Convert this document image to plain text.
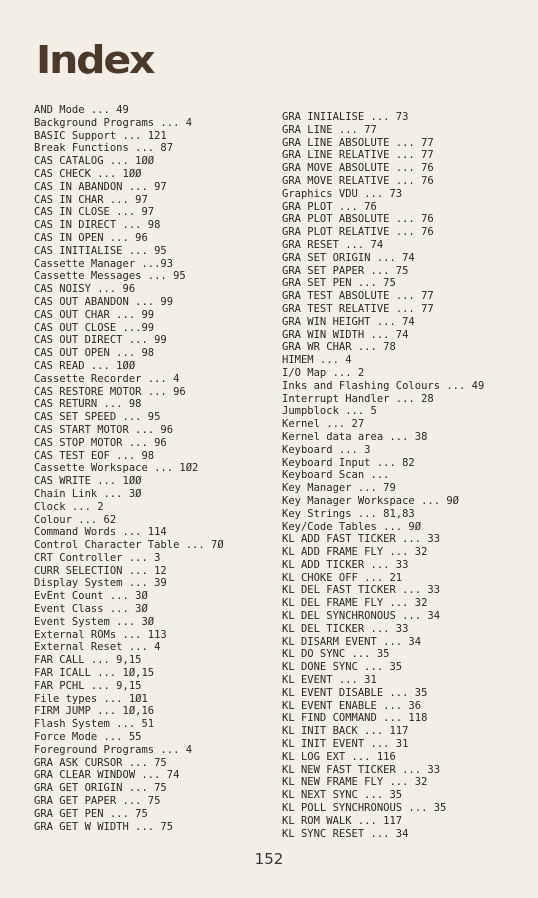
Index
AND Mode ... 49
Background Programs ... 4
BASIC Support ... 121
Break Functions ... 87
CAS CATALOG ... 1ØØ
CAS CHECK ... 1ØØ
CAS IN ABANDON ... 97
CAS IN CHAR ... 97
CAS IN CLOSE ... 97
CAS IN DIRECT ... 98
CAS IN OPEN ... 96
CAS INITIALISE ... 95
Cassette Manager ...93
Cassette Messages ... 95
CAS NOISY ... 96
CAS OUT ABANDON ... 99
CAS OUT CHAR ... 99
CAS OUT CLOSE ...99
CAS OUT DIRECT ... 99
CAS OUT OPEN ... 98
CAS READ ... 1ØØ
Cassette Recorder ... 4
CAS RESTORE MOTOR ... 96
CAS RETURN ... 98
CAS SET SPEED ... 95
CAS START MOTOR ... 96
CAS STOP MOTOR ... 96
CAS TEST EOF ... 98
Cassette Workspace ... 1Ø2
CAS WRITE ... 1ØØ
Chain Link ... 3Ø
Clock ... 2
Colour ... 62
Command Words ... 114
Control Character Table ... 7Ø
CRT Controller ... 3
CURR SELECTION ... 12
Display System ... 39
EvEnt Count ... 3Ø
Event Class ... 3Ø
Event System ... 3Ø
External ROMs ... 113
External Reset ... 4
FAR CALL ... 9,15
FAR ICALL ... 1Ø,15
FAR PCHL ... 9,15
File types ... 1Ø1
FIRM JUMP ... 1Ø,16
Flash System ... 51
Force Mode ... 55
Foreground Programs ... 4
GRA ASK CURSOR ... 75
GRA CLEAR WINDOW ... 74
GRA GET ORIGIN ... 75
GRA GET PAPER ... 75
GRA GET PEN ... 75
GRA GET W WIDTH ... 75
GRA INIIALISE ... 73
GRA LINE ... 77
GRA LINE ABSOLUTE ... 77
GRA LINE RELATIVE ... 77
GRA MOVE ABSOLUTE ... 76
GRA MOVE RELATIVE ... 76
Graphics VDU ... 73
GRA PLOT ... 76
GRA PLOT ABSOLUTE ... 76
GRA PLOT RELATIVE ... 76
GRA RESET ... 74
GRA SET ORIGIN ... 74
GRA SET PAPER ... 75
GRA SET PEN ... 75
GRA TEST ABSOLUTE ... 77
GRA TEST RELATIVE ... 77
GRA WIN HEIGHT ... 74
GRA WIN WIDTH ... 74
GRA WR CHAR ... 78
HIMEM ... 4
I/O Map ... 2
Inks and Flashing Colours ... 49
Interrupt Handler ... 28
Jumpblock ... 5
Kernel ... 27
Kernel data area ... 38
Keyboard ... 3
Keyboard Input ... 82
Keyboard Scan ...
Key Manager ... 79
Key Manager Workspace ... 9Ø
Key Strings ... 81,83
Key/Code Tables ... 9Ø
KL ADD FAST TICKER ... 33
KL ADD FRAME FLY ... 32
KL ADD TICKER ... 33
KL CHOKE OFF ... 21
KL DEL FAST TICKER ... 33
KL DEL FRAME FLY ... 32
KL DEL SYNCHRONOUS ... 34
KL DEL TICKER ... 33
KL DISARM EVENT ... 34
KL DO SYNC ... 35
KL DONE SYNC ... 35
KL EVENT ... 31
KL EVENT DISABLE ... 35
KL EVENT ENABLE ... 36
KL FIND COMMAND ... 118
KL INIT BACK ... 117
KL INIT EVENT ... 31
KL LOG EXT ... 116
KL NEW FAST TICKER ... 33
KL NEW FRAME FLY ... 32
KL NEXT SYNC ... 35
KL POLL SYNCHRONOUS ... 35
KL ROM WALK ... 117
KL SYNC RESET ... 34
152
